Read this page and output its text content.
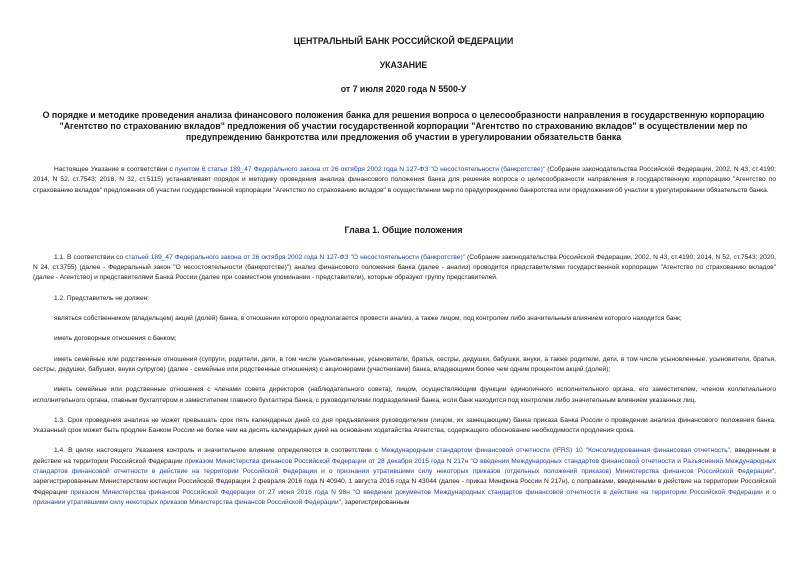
ЦЕНТРАЛЬНЫЙ БАНК РОССИЙСКОЙ ФЕДЕРАЦИИ

УКАЗАНИЕ

от 7 июля 2020 года N 5500-У

О порядке и методике проведения анализа финансового положения банка для решения вопроса о целесообразности направления в государственную корпорацию "Агентство по страхованию вкладов" предложения об участии государственной корпорации "Агентство по страхованию вкладов" в осуществлении мер по предупреждению банкротства или предложения об участии в урегулировании обязательств банка

Настоящее Указание в соответствии с пунктом 6 статьи 189_47 Федерального закона от 26 октября 2002 года N 127-ФЗ "О несостоятельности (банкротстве)" (Собрание законодательства Российской Федерации, 2002, N 43, ст.4190; 2014, N 52, ст.7543; 2018, N 32, ст.5115) устанавливает порядок и методику проведения анализа финансового положения банка для решения вопроса о целесообразности направления в государственную корпорацию "Агентство по страхованию вкладов" предложения об участии государственной корпорации "Агентство по страхованию вкладов" в осуществлении мер по предупреждению банкротства или предложения об участии в урегулировании обязательств банка.

Глава 1. Общие положения

1.1. В соответствии со статьей 189_47 Федерального закона от 26 октября 2002 года N 127-ФЗ "О несостоятельности (банкротстве)" (Собрание законодательства Российской Федерации, 2002, N 43, ст.4190; 2014, N 52, ст.7543; 2020, N 24, ст.3755) (далее - Федеральный закон "О несостоятельности (банкротстве)") анализ финансового положения банка (далее - анализ) проводится представителями государственной корпорации "Агентство по страхованию вкладов" (далее - Агентство) и представителями Банка России (далее при совместном упоминании - представители), которые образуют группу представителей.

1.2. Представитель не должен:

являться собственником (владельцем) акций (долей) банка, в отношении которого предполагается провести анализ, а также лицом, под контролем либо значительным влиянием которого находится банк;

иметь договорные отношения с банком;

иметь семейные или родственные отношения (супруги, родители, дети, в том числе усыновленные, усыновители, братья, сестры, дедушки, бабушки, внуки, а также родители, дети, в том числе усыновленные, усыновители, братья, сестры, дедушки, бабушки, внуки супругов) (далее - семейные или родственные отношения) с акционерами (участниками) банка, владеющими более чем одним процентом акций (долей);

иметь семейные или родственные отношения с членами совета директоров (наблюдательного совета), лицом, осуществляющим функции единоличного исполнительного органа, его заместителем, членом коллегиального исполнительного органа, главным бухгалтером и заместителем главного бухгалтера банка, с руководителями подразделений банка, если банк находится под контролем либо значительным влиянием указанных лиц.

1.3. Срок проведения анализа не может превышать срок пять календарных дней со дня предъявления руководителем (лицом, их замещающим) банка приказа Банка России о проведении анализа финансового положения банка. Указанный срок может быть продлен Банком России не более чем на десять календарных дней на основании ходатайства Агентства, содержащего обоснование необходимости продления срока.

1.4. В целях настоящего Указания контроль и значительное влияние определяются в соответствии с Международным стандартом финансовой отчетности (IFRS) 10 "Консолидированная финансовая отчетность", введенным в действие на территории Российской Федерации приказом Министерства финансов Российской Федерации от 28 декабря 2015 года N 217н "О введении Международных стандартов финансовой отчетности и Разъяснений Международных стандартов финансовой отчетности в действие на территории Российской Федерации и о признании утратившими силу некоторых приказов (отдельных положений приказов) Министерства финансов Российской Федерации", зарегистрированным Министерством юстиции Российской Федерации 2 февраля 2016 года N 40940, 1 августа 2016 года N 43044 (далее - приказ Минфина России N 217н), с поправками, введенными в действие на территории Российской Федерации приказом Министерства финансов Российской Федерации от 27 июня 2016 года N 98н "О введении документов Международных стандартов финансовой отчетности в действие на территории Российской Федерации и о признании утратившими силу некоторых приказов Министерства финансов Российской Федерации", зарегистрированным
